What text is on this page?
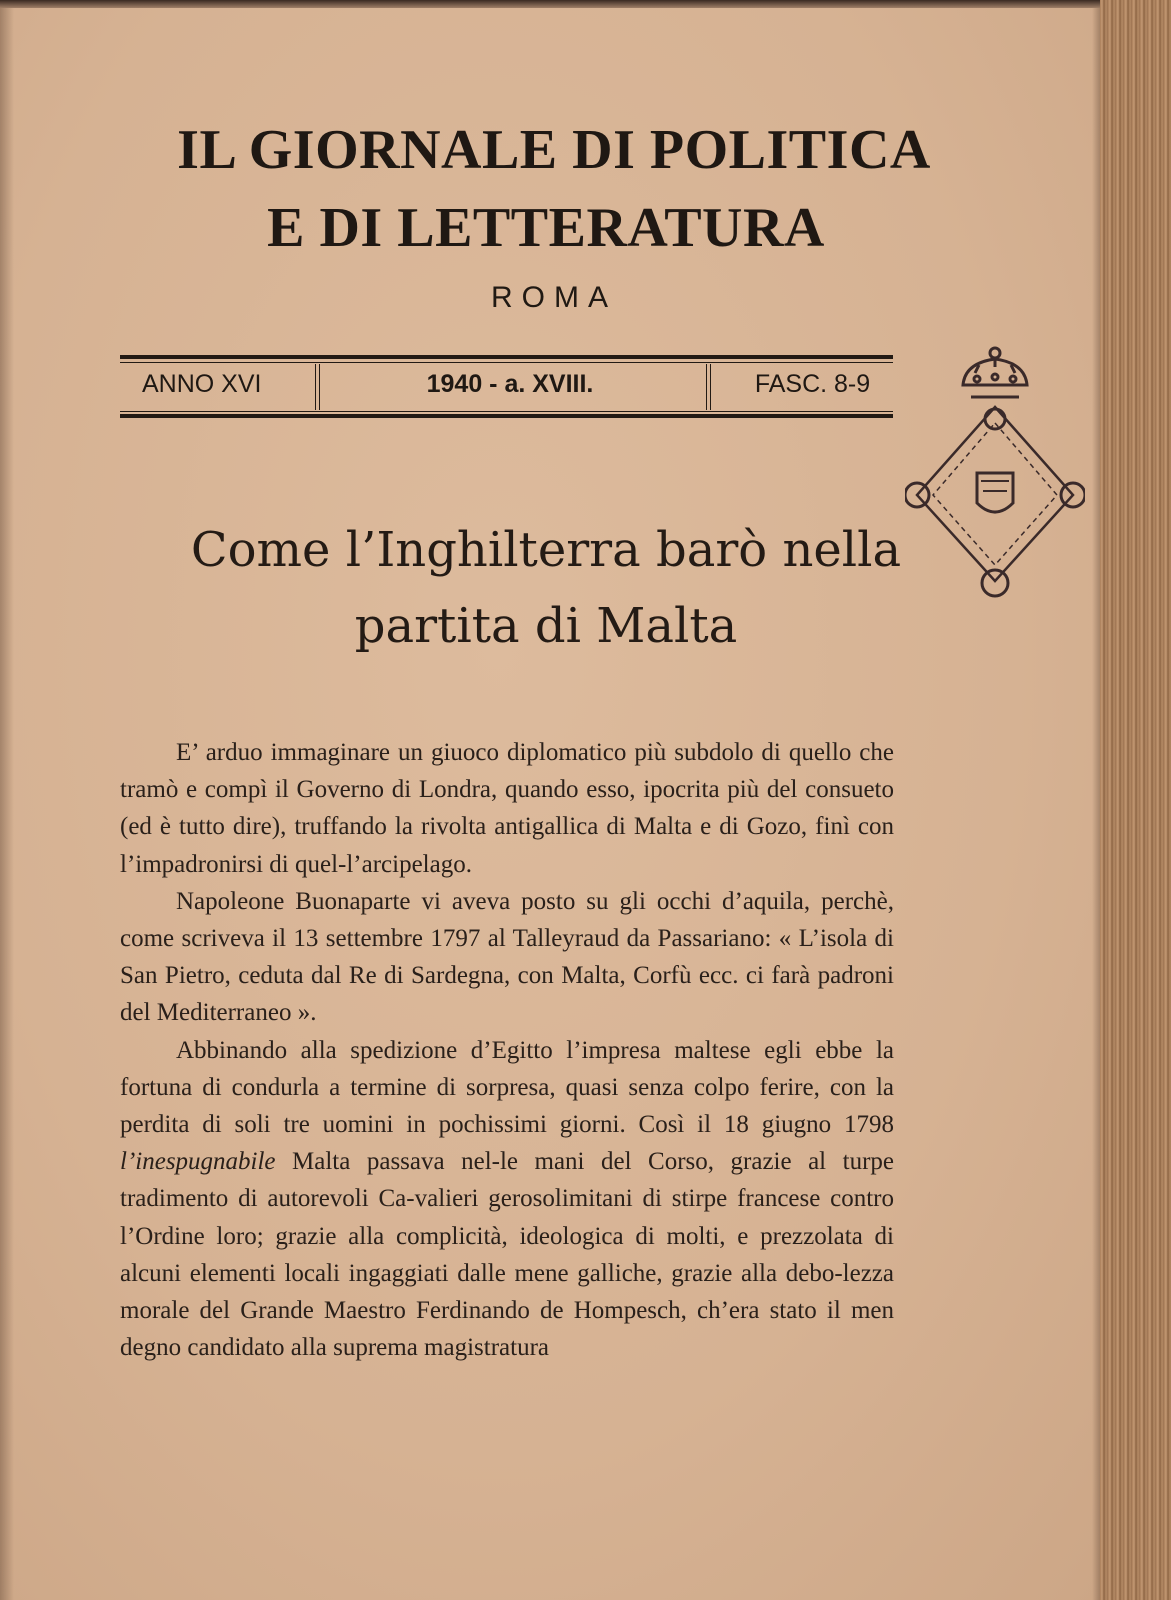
IL GIORNALE DI POLITICA
E DI LETTERATURA
ROMA
ANNO XVI	1940 - a. XVIII.	FASC. 8-9
Come l’Inghilterra barò nella
partita di Malta

E’ arduo immaginare un giuoco diplomatico più subdolo di quello che tramò e compì il Governo di Londra, quando esso, ipocrita più del consueto (ed è tutto dire), truffando la rivolta antigallica di Malta e di Gozo, finì con l’impadronirsi di quel-l’arcipelago.

Napoleone Buonaparte vi aveva posto su gli occhi d’aquila, perchè, come scriveva il 13 settembre 1797 al Talleyraud da Passariano: « L’isola di San Pietro, ceduta dal Re di Sardegna, con Malta, Corfù ecc. ci farà padroni del Mediterraneo ».

Abbinando alla spedizione d’Egitto l’impresa maltese egli ebbe la fortuna di condurla a termine di sorpresa, quasi senza colpo ferire, con la perdita di soli tre uomini in pochissimi giorni. Così il 18 giugno 1798 l’inespugnabile Malta passava nel-le mani del Corso, grazie al turpe tradimento di autorevoli Ca-valieri gerosolimitani di stirpe francese contro l’Ordine loro; grazie alla complicità, ideologica di molti, e prezzolata di alcuni elementi locali ingaggiati dalle mene galliche, grazie alla debo-lezza morale del Grande Maestro Ferdinando de Hompesch, ch’era stato il men degno candidato alla suprema magistratura
